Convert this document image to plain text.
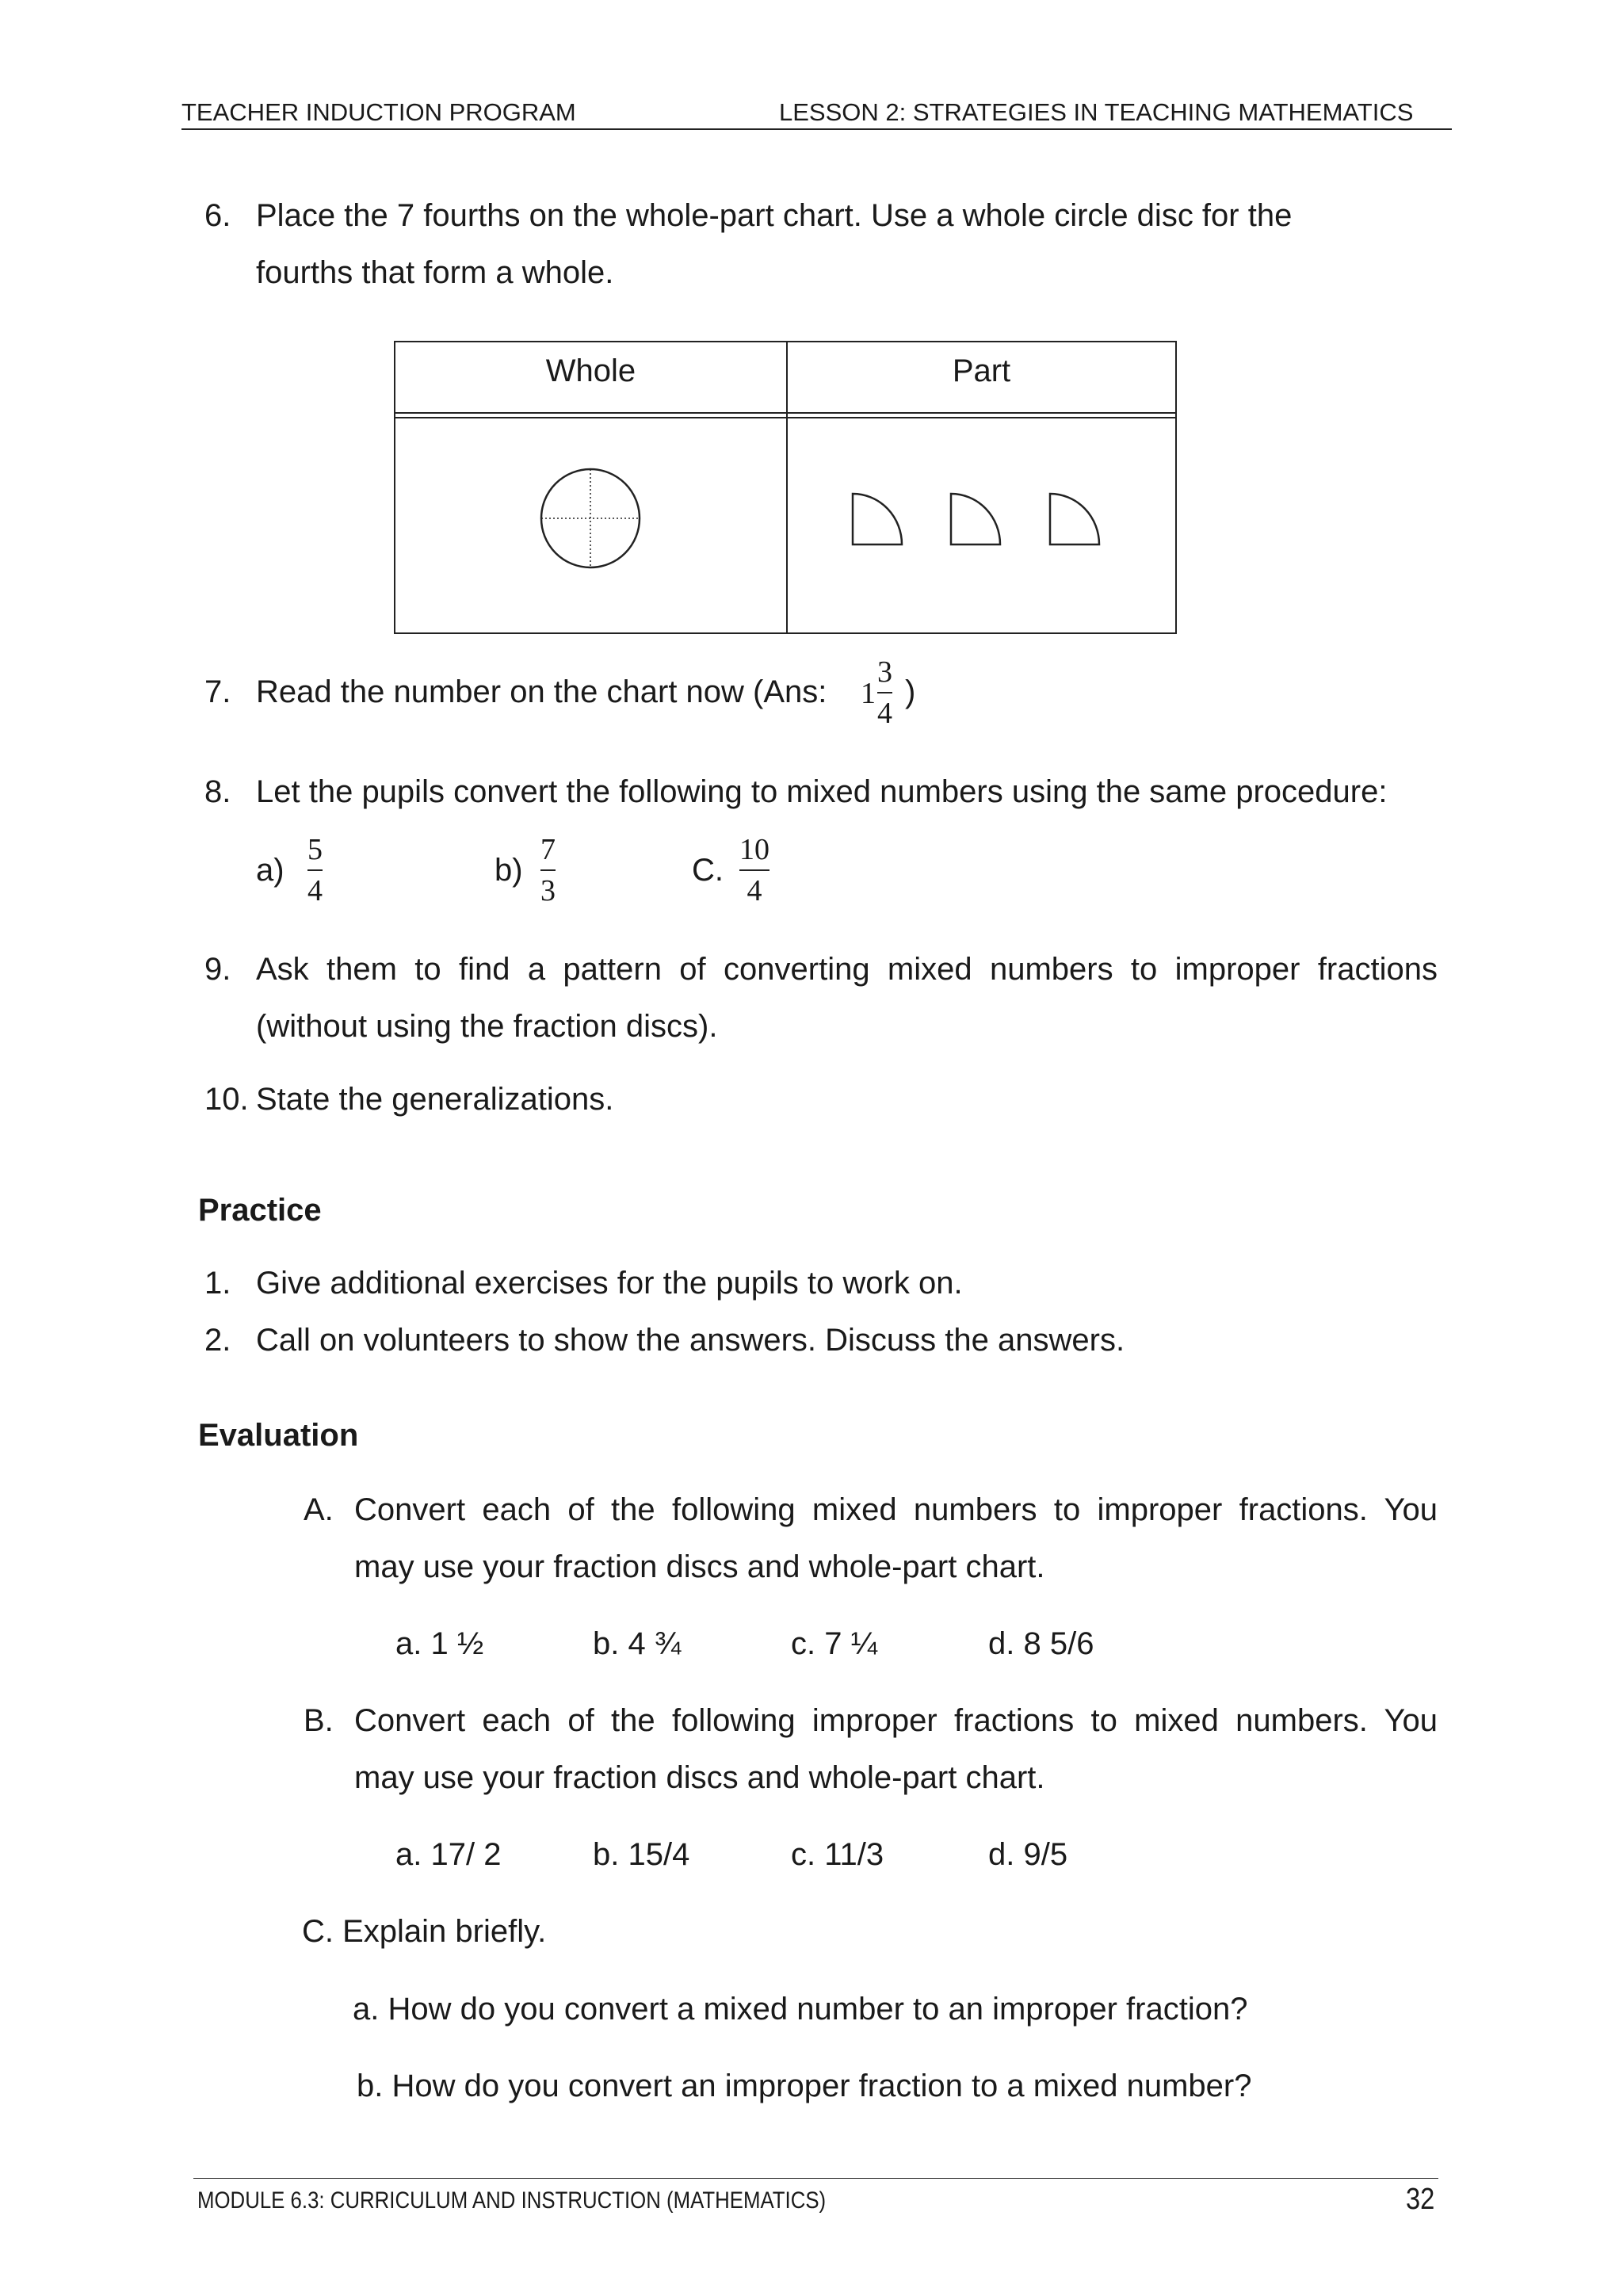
TEACHER INDUCTION PROGRAM	LESSON 2: STRATEGIES IN TEACHING MATHEMATICS
6. Place the 7 fourths on the whole-part chart. Use a whole circle disc for the
fourths that form a whole.
Whole	Part
7. Read the number on the chart now (Ans: 1
3
4
)
8. Let the pupils convert the following to mixed numbers using the same procedure:
a)
5
4
b)
7
3
C.
10
4
9. Ask them to find a pattern of converting mixed numbers to improper fractions
(without using the fraction discs).
10. State the generalizations.
Practice
1. Give additional exercises for the pupils to work on.
2. Call on volunteers to show the answers. Discuss the answers.
Evaluation
A. Convert each of the following mixed numbers to improper fractions. You
may use your fraction discs and whole-part chart.
a. 1 ½	b. 4 ¾	c. 7 ¼	d. 8 5/6
B. Convert each of the following improper fractions to mixed numbers. You
may use your fraction discs and whole-part chart.
a. 17/ 2	b. 15/4	c. 11/3	d. 9/5
C. Explain briefly.
a. How do you convert a mixed number to an improper fraction?
b. How do you convert an improper fraction to a mixed number?
MODULE 6.3: CURRICULUM AND INSTRUCTION (MATHEMATICS)	32
